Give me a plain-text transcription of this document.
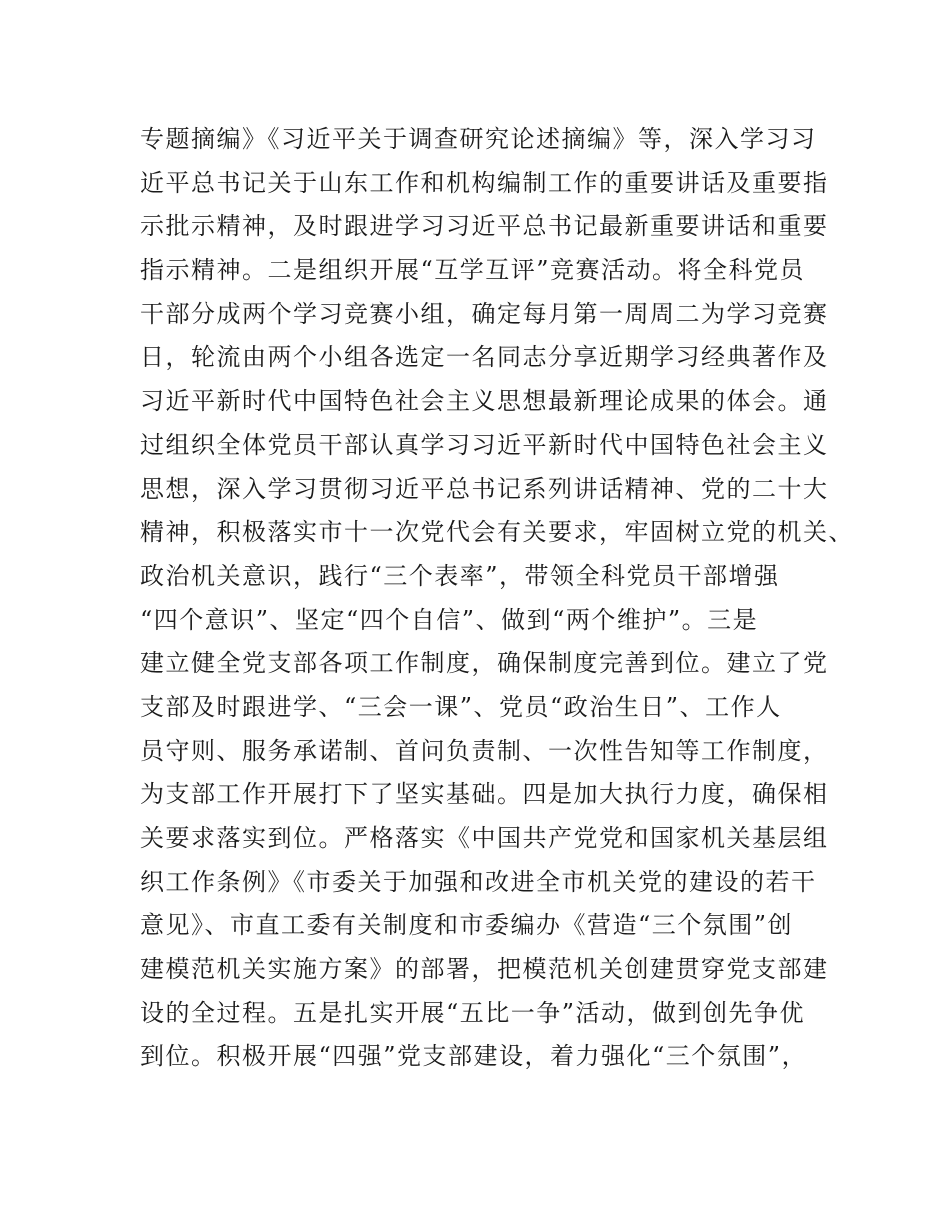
专题摘编》《习近平关于调查研究论述摘编》等，深入学习习
近平总书记关于山东工作和机构编制工作的重要讲话及重要指
示批示精神，及时跟进学习习近平总书记最新重要讲话和重要
指示精神。二是组织开展“互学互评”竞赛活动。将全科党员
干部分成两个学习竞赛小组，确定每月第一周周二为学习竞赛
日，轮流由两个小组各选定一名同志分享近期学习经典著作及
习近平新时代中国特色社会主义思想最新理论成果的体会。通
过组织全体党员干部认真学习习近平新时代中国特色社会主义
思想，深入学习贯彻习近平总书记系列讲话精神、党的二十大
精神，积极落实市十一次党代会有关要求，牢固树立党的机关、
政治机关意识，践行“三个表率”，带领全科党员干部增强
“四个意识”、坚定“四个自信”、做到“两个维护”。三是
建立健全党支部各项工作制度，确保制度完善到位。建立了党
支部及时跟进学、“三会一课”、党员“政治生日”、工作人
员守则、服务承诺制、首问负责制、一次性告知等工作制度，
为支部工作开展打下了坚实基础。四是加大执行力度，确保相
关要求落实到位。严格落实《中国共产党党和国家机关基层组
织工作条例》《市委关于加强和改进全市机关党的建设的若干
意见》、市直工委有关制度和市委编办《营造“三个氛围”创
建模范机关实施方案》的部署，把模范机关创建贯穿党支部建
设的全过程。五是扎实开展“五比一争”活动，做到创先争优
到位。积极开展“四强”党支部建设，着力强化“三个氛围”，
